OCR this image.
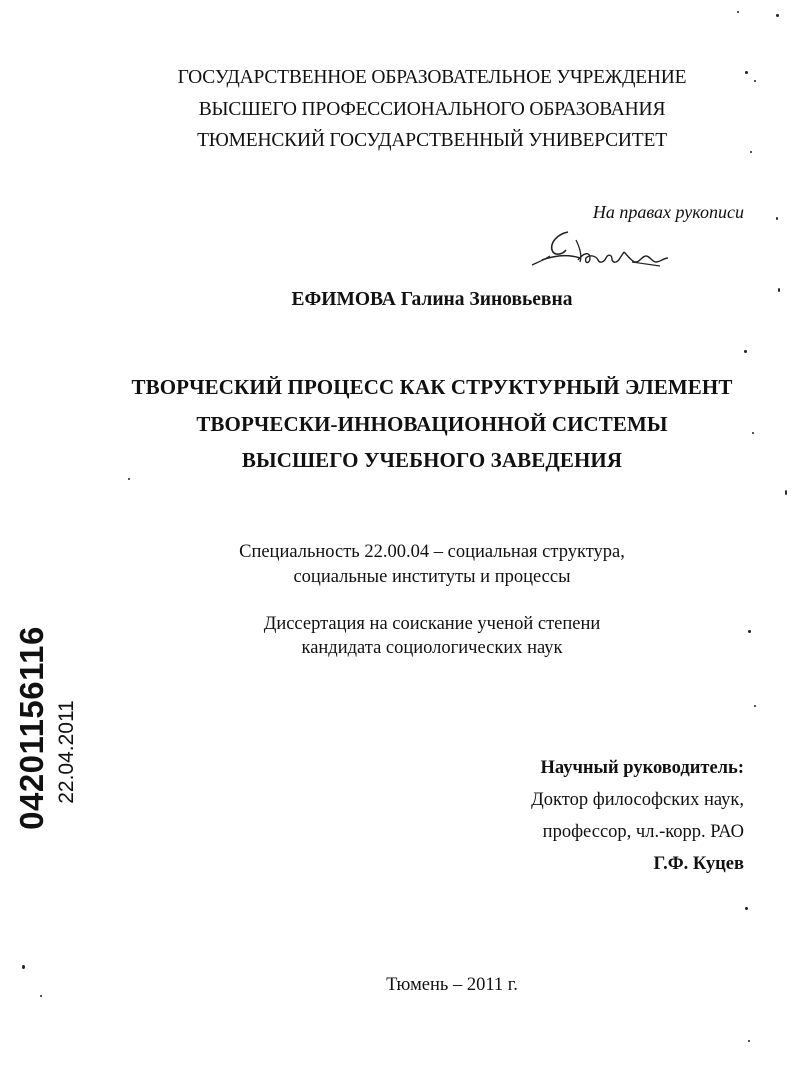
ГОСУДАРСТВЕННОЕ ОБРАЗОВАТЕЛЬНОЕ УЧРЕЖДЕНИЕ
ВЫСШЕГО ПРОФЕССИОНАЛЬНОГО ОБРАЗОВАНИЯ
ТЮМЕНСКИЙ ГОСУДАРСТВЕННЫЙ УНИВЕРСИТЕТ
На правах рукописи
ЕФИМОВА Галина Зиновьевна
ТВОРЧЕСКИЙ ПРОЦЕСС КАК СТРУКТУРНЫЙ ЭЛЕМЕНТ
ТВОРЧЕСКИ-ИННОВАЦИОННОЙ СИСТЕМЫ
ВЫСШЕГО УЧЕБНОГО ЗАВЕДЕНИЯ
Специальность 22.00.04 – социальная структура,
социальные институты и процессы
Диссертация на соискание ученой степени
кандидата социологических наук
Научный руководитель:
Доктор философских наук,
профессор, чл.-корр. РАО
Г.Ф. Куцев
Тюмень – 2011 г.
04201156116 22.04.2011
